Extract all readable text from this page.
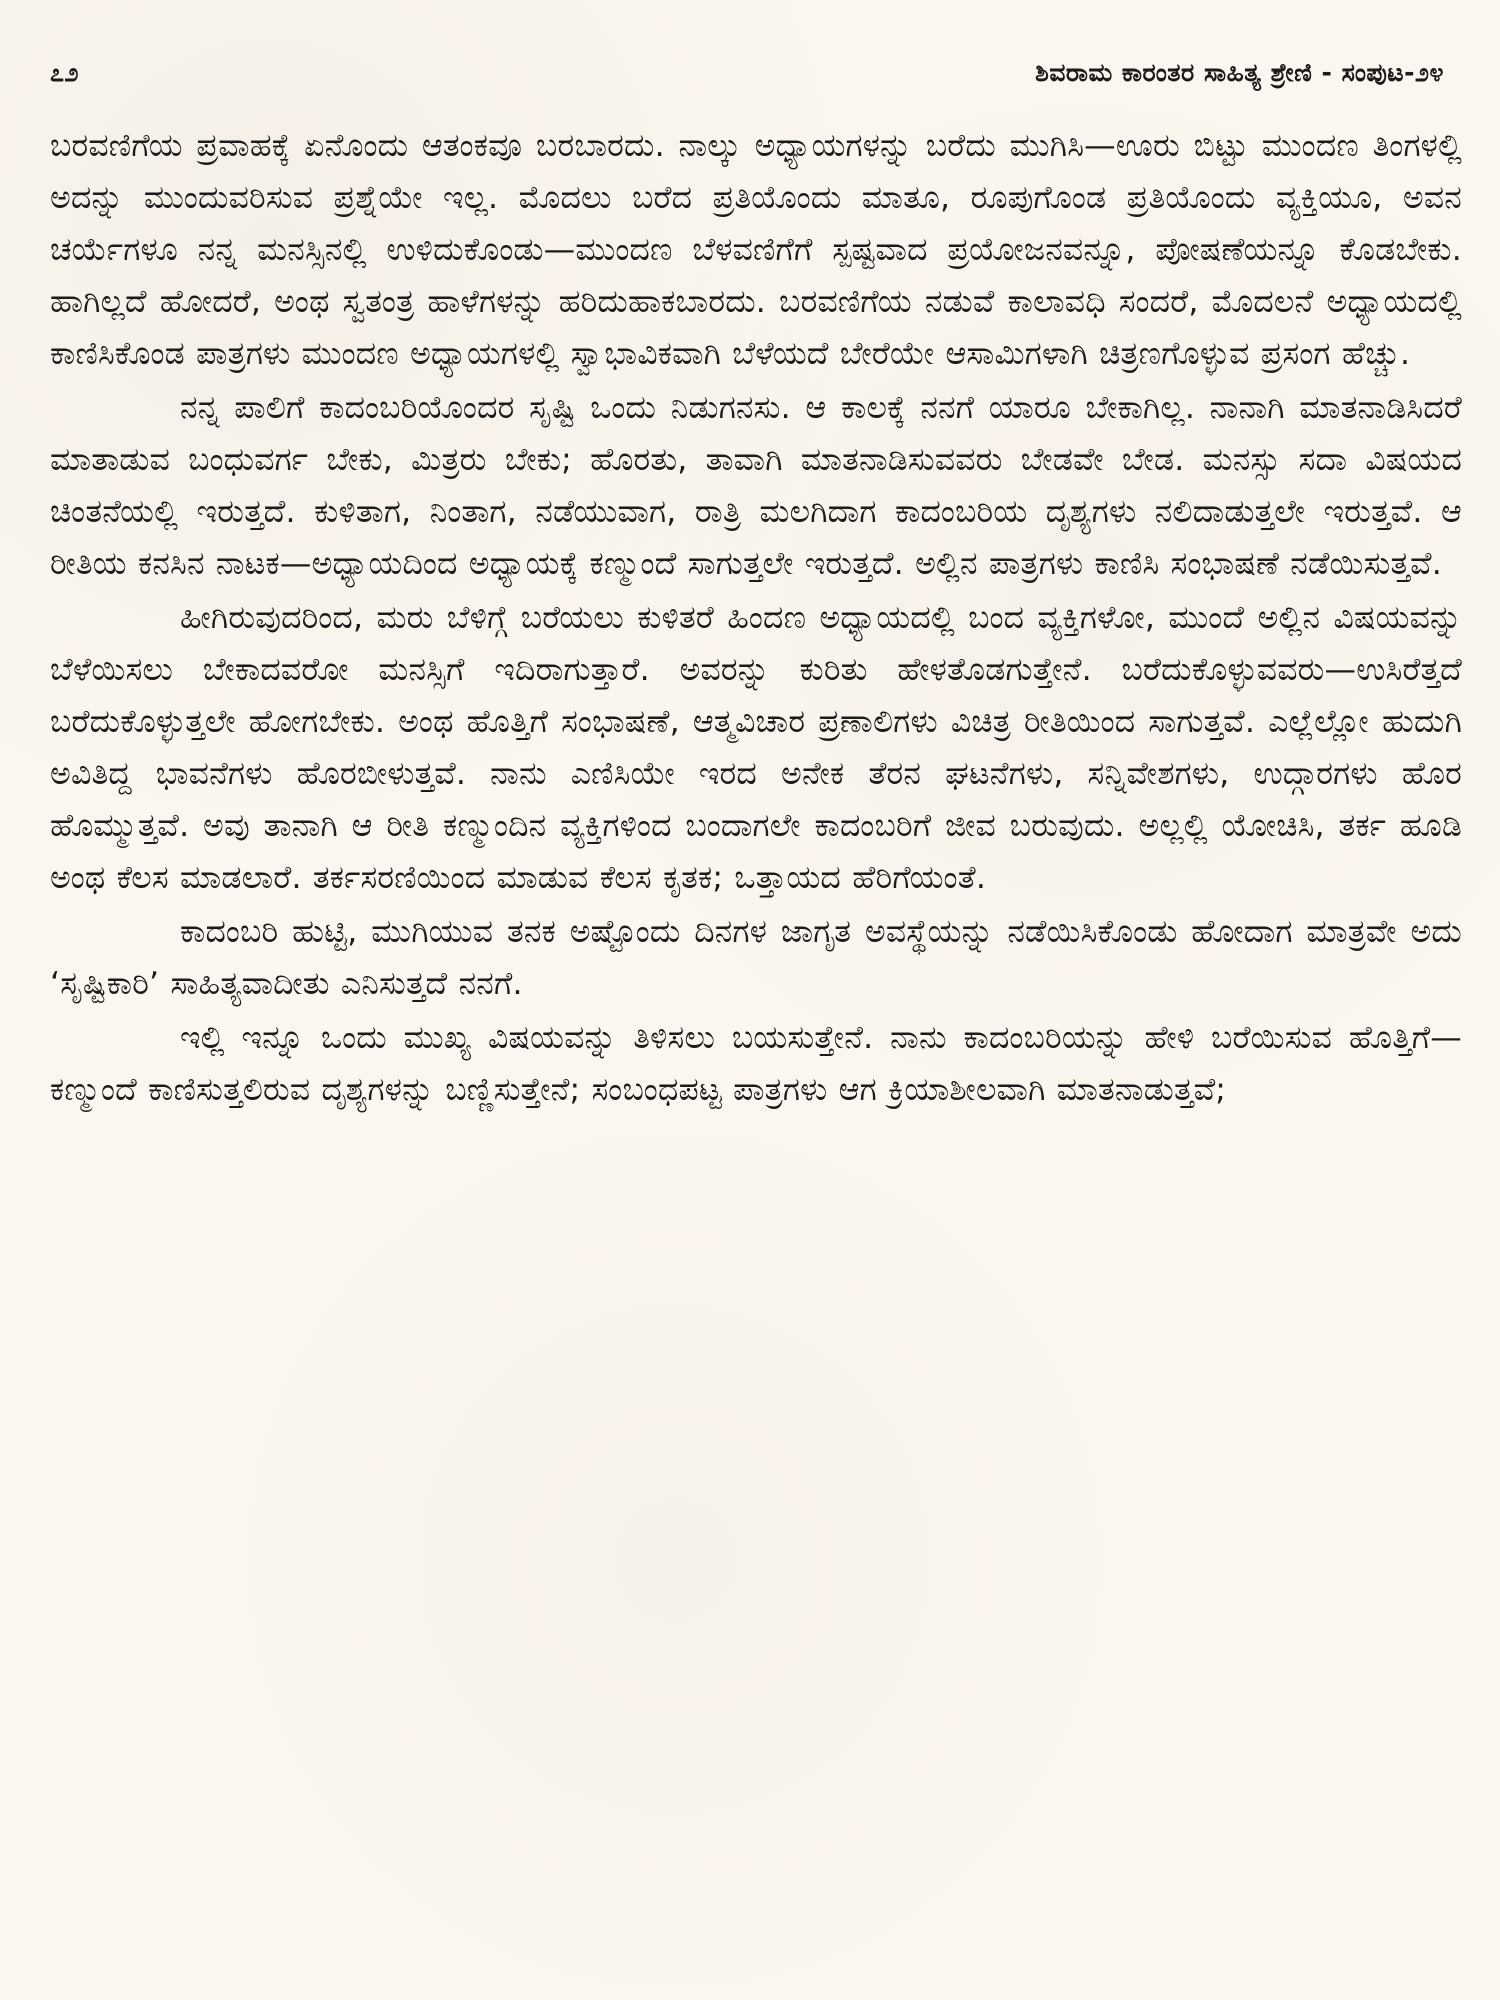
೭೨	ಶಿವರಾಮ ಕಾರಂತರ ಸಾಹಿತ್ಯ ಶ್ರೇಣಿ - ಸಂಪುಟ-೨೪

ಬರವಣಿಗೆಯ ಪ್ರವಾಹಕ್ಕೆ ಏನೊಂದು ಆತಂಕವೂ ಬರಬಾರದು. ನಾಲ್ಕು ಅಧ್ಯಾಯಗಳನ್ನು ಬರೆದು ಮುಗಿಸಿ—ಊರು ಬಿಟ್ಟು ಮುಂದಣ ತಿಂಗಳಲ್ಲಿ ಅದನ್ನು ಮುಂದುವರಿಸುವ ಪ್ರಶ್ನೆಯೇ ಇಲ್ಲ. ಮೊದಲು ಬರೆದ ಪ್ರತಿಯೊಂದು ಮಾತೂ, ರೂಪುಗೊಂಡ ಪ್ರತಿಯೊಂದು ವ್ಯಕ್ತಿಯೂ, ಅವನ ಚರ್ಯೆಗಳೂ ನನ್ನ ಮನಸ್ಸಿನಲ್ಲಿ ಉಳಿದುಕೊಂಡು—ಮುಂದಣ ಬೆಳವಣಿಗೆಗೆ ಸ್ಪಷ್ಟವಾದ ಪ್ರಯೋಜನವನ್ನೂ, ಪೋಷಣೆಯನ್ನೂ ಕೊಡಬೇಕು. ಹಾಗಿಲ್ಲದೆ ಹೋದರೆ, ಅಂಥ ಸ್ವತಂತ್ರ ಹಾಳೆಗಳನ್ನು ಹರಿದುಹಾಕಬಾರದು. ಬರವಣಿಗೆಯ ನಡುವೆ ಕಾಲಾವಧಿ ಸಂದರೆ, ಮೊದಲನೆ ಅಧ್ಯಾಯದಲ್ಲಿ ಕಾಣಿಸಿಕೊಂಡ ಪಾತ್ರಗಳು ಮುಂದಣ ಅಧ್ಯಾಯಗಳಲ್ಲಿ ಸ್ವಾಭಾವಿಕವಾಗಿ ಬೆಳೆಯದೆ ಬೇರೆಯೇ ಆಸಾಮಿಗಳಾಗಿ ಚಿತ್ರಣಗೊಳ್ಳುವ ಪ್ರಸಂಗ ಹೆಚ್ಚು.

ನನ್ನ ಪಾಲಿಗೆ ಕಾದಂಬರಿಯೊಂದರ ಸೃಷ್ಟಿ ಒಂದು ನಿಡುಗನಸು. ಆ ಕಾಲಕ್ಕೆ ನನಗೆ ಯಾರೂ ಬೇಕಾಗಿಲ್ಲ. ನಾನಾಗಿ ಮಾತನಾಡಿಸಿದರೆ ಮಾತಾಡುವ ಬಂಧುವರ್ಗ ಬೇಕು, ಮಿತ್ರರು ಬೇಕು; ಹೊರತು, ತಾವಾಗಿ ಮಾತನಾಡಿಸುವವರು ಬೇಡವೇ ಬೇಡ. ಮನಸ್ಸು ಸದಾ ವಿಷಯದ ಚಿಂತನೆಯಲ್ಲಿ ಇರುತ್ತದೆ. ಕುಳಿತಾಗ, ನಿಂತಾಗ, ನಡೆಯುವಾಗ, ರಾತ್ರಿ ಮಲಗಿದಾಗ ಕಾದಂಬರಿಯ ದೃಶ್ಯಗಳು ನಲಿದಾಡುತ್ತಲೇ ಇರುತ್ತವೆ. ಆ ರೀತಿಯ ಕನಸಿನ ನಾಟಕ—ಅಧ್ಯಾಯದಿಂದ ಅಧ್ಯಾಯಕ್ಕೆ ಕಣ್ಮುಂದೆ ಸಾಗುತ್ತಲೇ ಇರುತ್ತದೆ. ಅಲ್ಲಿನ ಪಾತ್ರಗಳು ಕಾಣಿಸಿ ಸಂಭಾಷಣೆ ನಡೆಯಿಸುತ್ತವೆ.

ಹೀಗಿರುವುದರಿಂದ, ಮರು ಬೆಳಿಗ್ಗೆ ಬರೆಯಲು ಕುಳಿತರೆ ಹಿಂದಣ ಅಧ್ಯಾಯದಲ್ಲಿ ಬಂದ ವ್ಯಕ್ತಿಗಳೋ, ಮುಂದೆ ಅಲ್ಲಿನ ವಿಷಯವನ್ನು ಬೆಳೆಯಿಸಲು ಬೇಕಾದವರೋ ಮನಸ್ಸಿಗೆ ಇದಿರಾಗುತ್ತಾರೆ. ಅವರನ್ನು ಕುರಿತು ಹೇಳತೊಡಗುತ್ತೇನೆ. ಬರೆದುಕೊಳ್ಳುವವರು—ಉಸಿರೆತ್ತದೆ ಬರೆದುಕೊಳ್ಳುತ್ತಲೇ ಹೋಗಬೇಕು. ಅಂಥ ಹೊತ್ತಿಗೆ ಸಂಭಾಷಣೆ, ಆತ್ಮವಿಚಾರ ಪ್ರಣಾಲಿಗಳು ವಿಚಿತ್ರ ರೀತಿಯಿಂದ ಸಾಗುತ್ತವೆ. ಎಲ್ಲೆಲ್ಲೋ ಹುದುಗಿ ಅವಿತಿದ್ದ ಭಾವನೆಗಳು ಹೊರಬೀಳುತ್ತವೆ. ನಾನು ಎಣಿಸಿಯೇ ಇರದ ಅನೇಕ ತೆರನ ಘಟನೆಗಳು, ಸನ್ನಿವೇಶಗಳು, ಉದ್ಗಾರಗಳು ಹೊರ ಹೊಮ್ಮುತ್ತವೆ. ಅವು ತಾನಾಗಿ ಆ ರೀತಿ ಕಣ್ಮುಂದಿನ ವ್ಯಕ್ತಿಗಳಿಂದ ಬಂದಾಗಲೇ ಕಾದಂಬರಿಗೆ ಜೀವ ಬರುವುದು. ಅಲ್ಲಲ್ಲಿ ಯೋಚಿಸಿ, ತರ್ಕ ಹೂಡಿ ಅಂಥ ಕೆಲಸ ಮಾಡಲಾರೆ. ತರ್ಕಸರಣಿಯಿಂದ ಮಾಡುವ ಕೆಲಸ ಕೃತಕ; ಒತ್ತಾಯದ ಹೆರಿಗೆಯಂತೆ.

ಕಾದಂಬರಿ ಹುಟ್ಟಿ, ಮುಗಿಯುವ ತನಕ ಅಷ್ಟೊಂದು ದಿನಗಳ ಜಾಗೃತ ಅವಸ್ಥೆಯನ್ನು ನಡೆಯಿಸಿಕೊಂಡು ಹೋದಾಗ ಮಾತ್ರವೇ ಅದು ‘ಸೃಷ್ಟಿಕಾರಿ’ ಸಾಹಿತ್ಯವಾದೀತು ಎನಿಸುತ್ತದೆ ನನಗೆ.

ಇಲ್ಲಿ ಇನ್ನೂ ಒಂದು ಮುಖ್ಯ ವಿಷಯವನ್ನು ತಿಳಿಸಲು ಬಯಸುತ್ತೇನೆ. ನಾನು ಕಾದಂಬರಿಯನ್ನು ಹೇಳಿ ಬರೆಯಿಸುವ ಹೊತ್ತಿಗೆ—ಕಣ್ಮುಂದೆ ಕಾಣಿಸುತ್ತಲಿರುವ ದೃಶ್ಯಗಳನ್ನು ಬಣ್ಣಿಸುತ್ತೇನೆ; ಸಂಬಂಧಪಟ್ಟ ಪಾತ್ರಗಳು ಆಗ ಕ್ರಿಯಾಶೀಲವಾಗಿ ಮಾತನಾಡುತ್ತವೆ;
